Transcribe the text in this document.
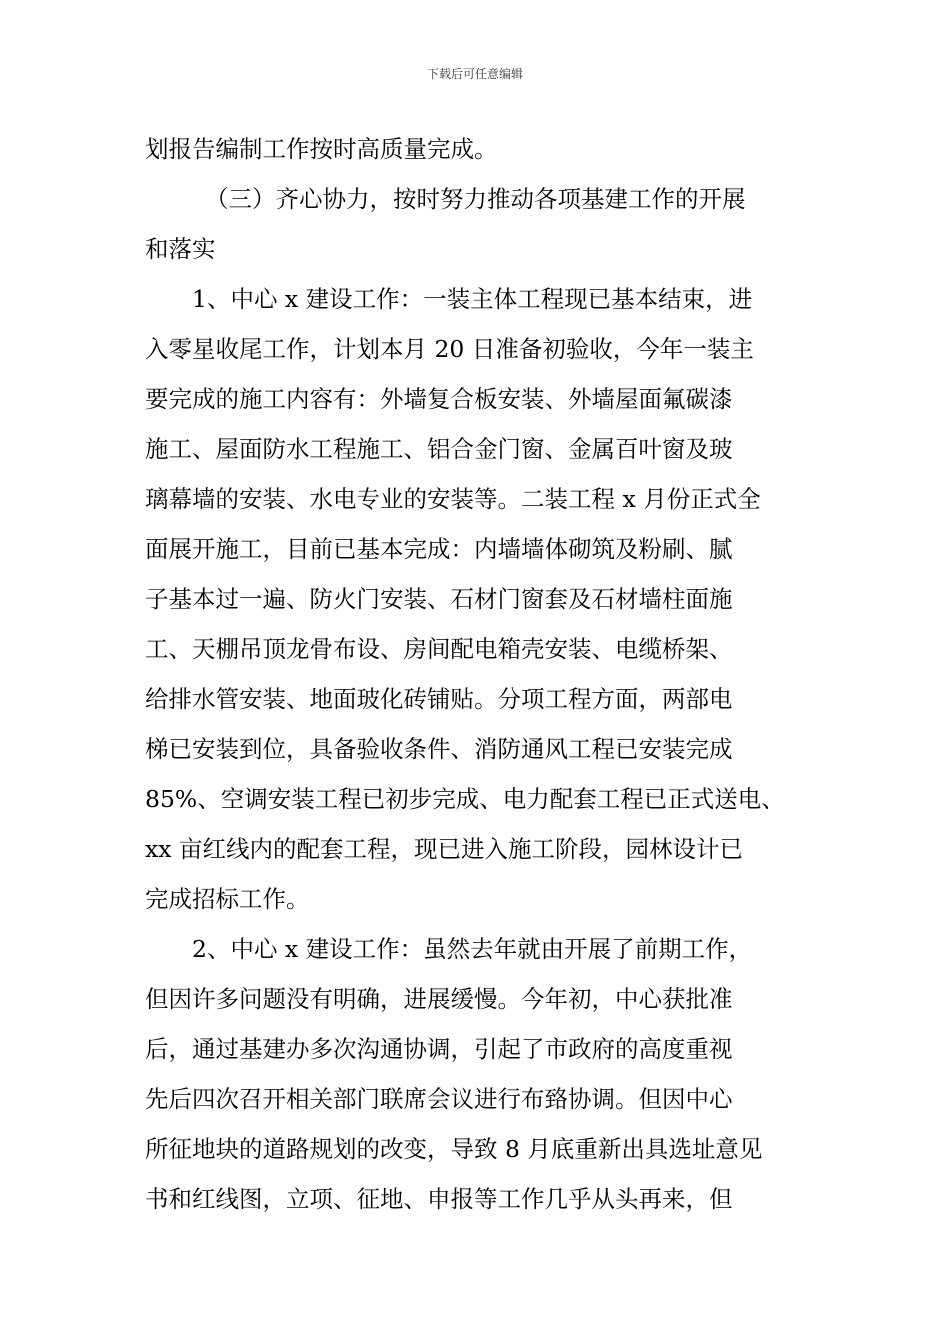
下载后可任意编辑
划报告编制工作按时高质量完成。
（三）齐心协力，按时努力推动各项基建工作的开展
和落实
1、中心 x 建设工作：一装主体工程现已基本结束，进
入零星收尾工作，计划本月 20 日准备初验收，今年一装主
要完成的施工内容有：外墙复合板安装、外墙屋面氟碳漆
施工、屋面防水工程施工、铝合金门窗、金属百叶窗及玻
璃幕墙的安装、水电专业的安装等。二装工程 x 月份正式全
面展开施工，目前已基本完成：内墙墙体砌筑及粉刷、腻
子基本过一遍、防火门安装、石材门窗套及石材墙柱面施
工、天棚吊顶龙骨布设、房间配电箱壳安装、电缆桥架、
给排水管安装、地面玻化砖铺贴。分项工程方面，两部电
梯已安装到位，具备验收条件、消防通风工程已安装完成
85%、空调安装工程已初步完成、电力配套工程已正式送电、
xx 亩红线内的配套工程，现已进入施工阶段，园林设计已
完成招标工作。
2、中心 x 建设工作：虽然去年就由开展了前期工作，
但因许多问题没有明确，进展缓慢。今年初，中心获批准
后，通过基建办多次沟通协调，引起了市政府的高度重视
先后四次召开相关部门联席会议进行布臵协调。但因中心
所征地块的道路规划的改变，导致 8 月底重新出具选址意见
书和红线图，立项、征地、申报等工作几乎从头再来，但
